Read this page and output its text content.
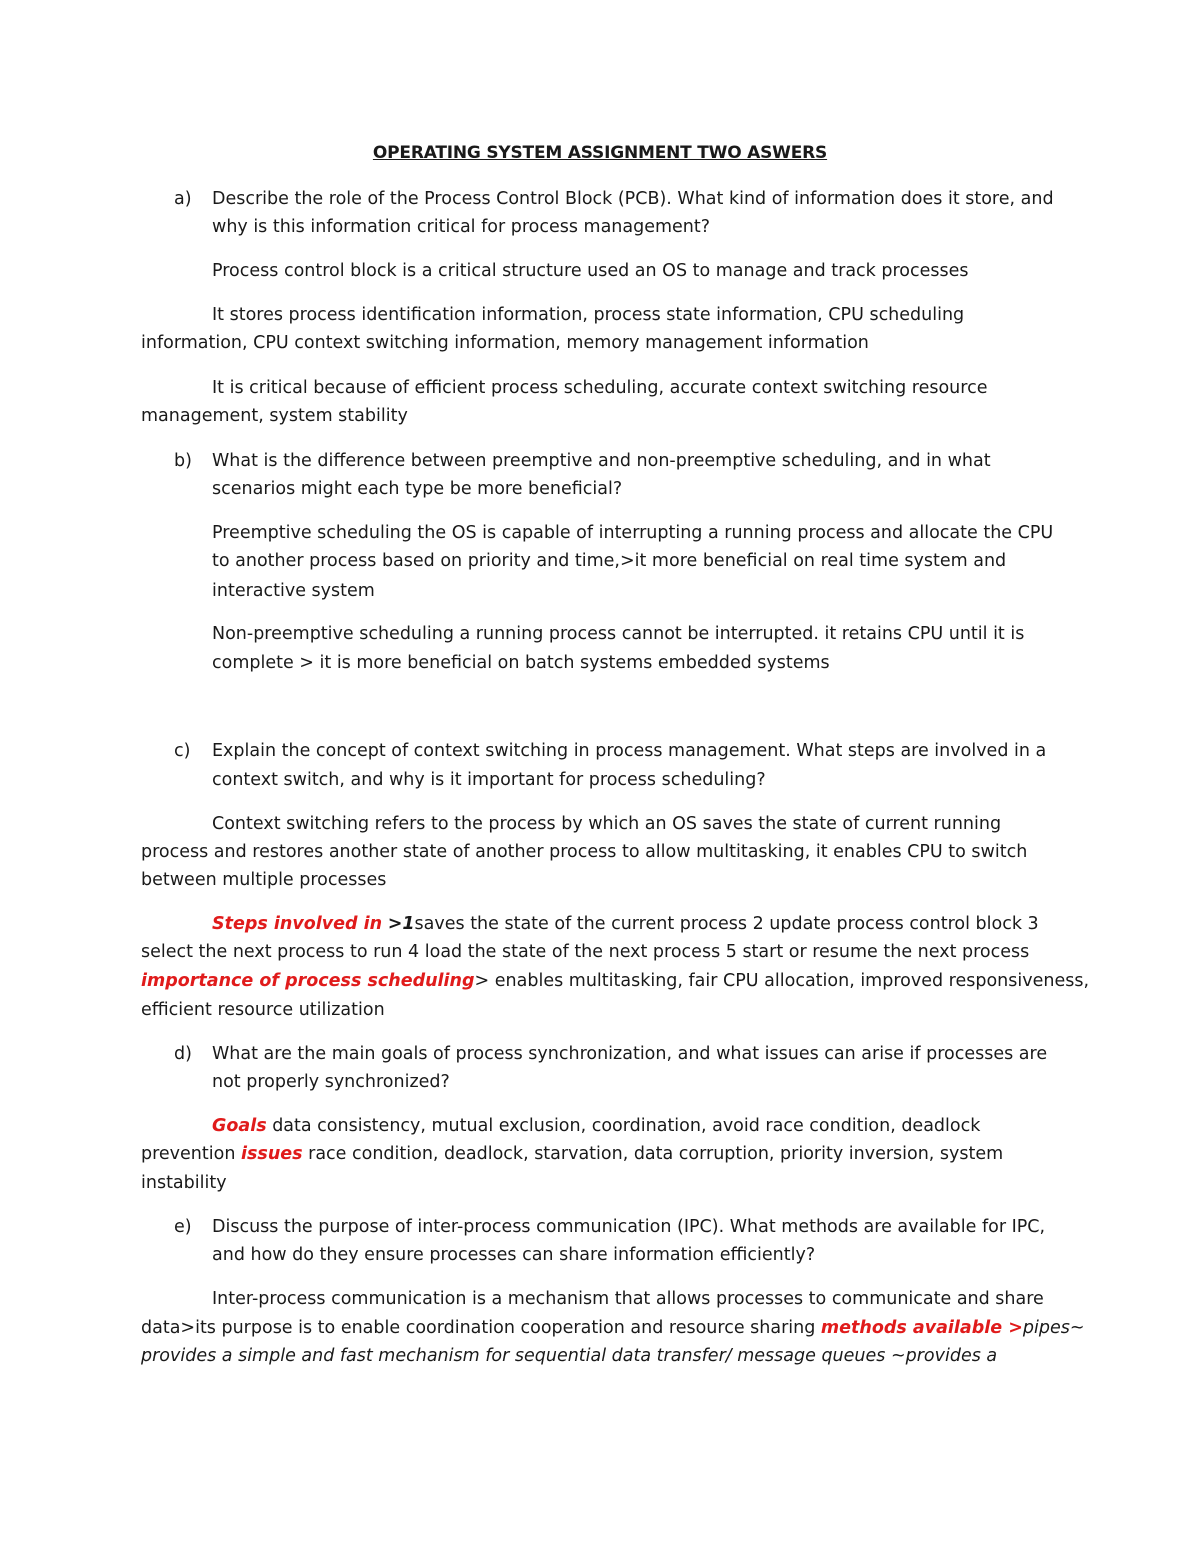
OPERATING SYSTEM ASSIGNMENT TWO ASWERS
a) Describe the role of the Process Control Block (PCB). What kind of information does it store, and
why is this information critical for process management?
Process control block is a critical structure used an OS to manage and track processes
It stores process identification information, process state information, CPU scheduling
information, CPU context switching information, memory management information
It is critical because of efficient process scheduling, accurate context switching resource
management, system stability
b) What is the difference between preemptive and non-preemptive scheduling, and in what
scenarios might each type be more beneficial?
Preemptive scheduling the OS is capable of interrupting a running process and allocate the CPU
to another process based on priority and time,>it more beneficial on real time system and
interactive system
Non-preemptive scheduling a running process cannot be interrupted. it retains CPU until it is
complete > it is more beneficial on batch systems embedded systems
c) Explain the concept of context switching in process management. What steps are involved in a
context switch, and why is it important for process scheduling?
Context switching refers to the process by which an OS saves the state of current running
process and restores another state of another process to allow multitasking, it enables CPU to switch
between multiple processes
Steps involved in >1saves the state of the current process 2 update process control block 3
select the next process to run 4 load the state of the next process 5 start or resume the next process
importance of process scheduling> enables multitasking, fair CPU allocation, improved responsiveness,
efficient resource utilization
d) What are the main goals of process synchronization, and what issues can arise if processes are
not properly synchronized?
Goals data consistency, mutual exclusion, coordination, avoid race condition, deadlock
prevention issues race condition, deadlock, starvation, data corruption, priority inversion, system
instability
e) Discuss the purpose of inter-process communication (IPC). What methods are available for IPC,
and how do they ensure processes can share information efficiently?
Inter-process communication is a mechanism that allows processes to communicate and share
data>its purpose is to enable coordination cooperation and resource sharing methods available >pipes~
provides a simple and fast mechanism for sequential data transfer/ message queues ~provides a
